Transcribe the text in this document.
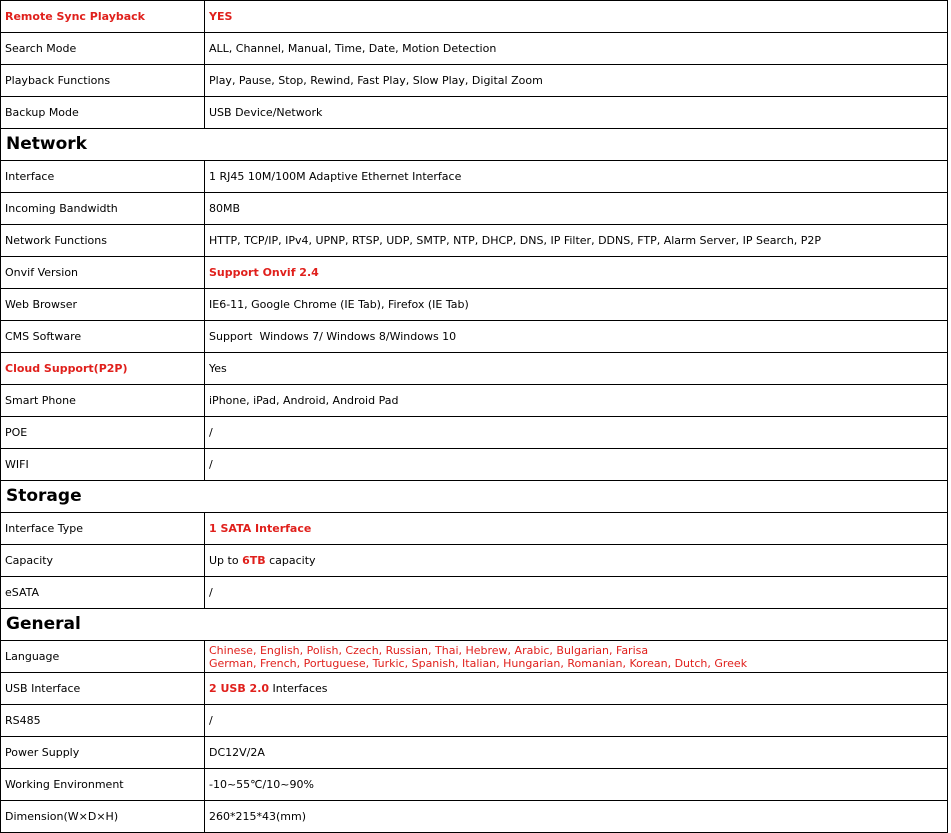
Remote Sync Playback	YES
Search Mode	ALL, Channel, Manual, Time, Date, Motion Detection
Playback Functions	Play, Pause, Stop, Rewind, Fast Play, Slow Play, Digital Zoom
Backup Mode	USB Device/Network
Network	
Interface	1 RJ45 10M/100M Adaptive Ethernet Interface
Incoming Bandwidth	80MB
Network Functions	HTTP, TCP/IP, IPv4, UPNP, RTSP, UDP, SMTP, NTP, DHCP, DNS, IP Filter, DDNS, FTP, Alarm Server, IP Search, P2P
Onvif Version	Support Onvif 2.4
Web Browser	IE6-11, Google Chrome (IE Tab), Firefox (IE Tab)
CMS Software	Support  Windows 7/ Windows 8/Windows 10
Cloud Support(P2P)	Yes
Smart Phone	iPhone, iPad, Android, Android Pad
POE	/
WIFI	/
Storage	
Interface Type	1 SATA Interface
Capacity	Up to 6TB capacity
eSATA	/
General	
Language	Chinese, English, Polish, Czech, Russian, Thai, Hebrew, Arabic, Bulgarian, Farisa
German, French, Portuguese, Turkic, Spanish, Italian, Hungarian, Romanian, Korean, Dutch, Greek

USB Interface	2 USB 2.0 Interfaces
RS485	/
Power Supply	DC12V/2A
Working Environment	-10~55℃/10~90%
Dimension(W×D×H)	260*215*43(mm)
